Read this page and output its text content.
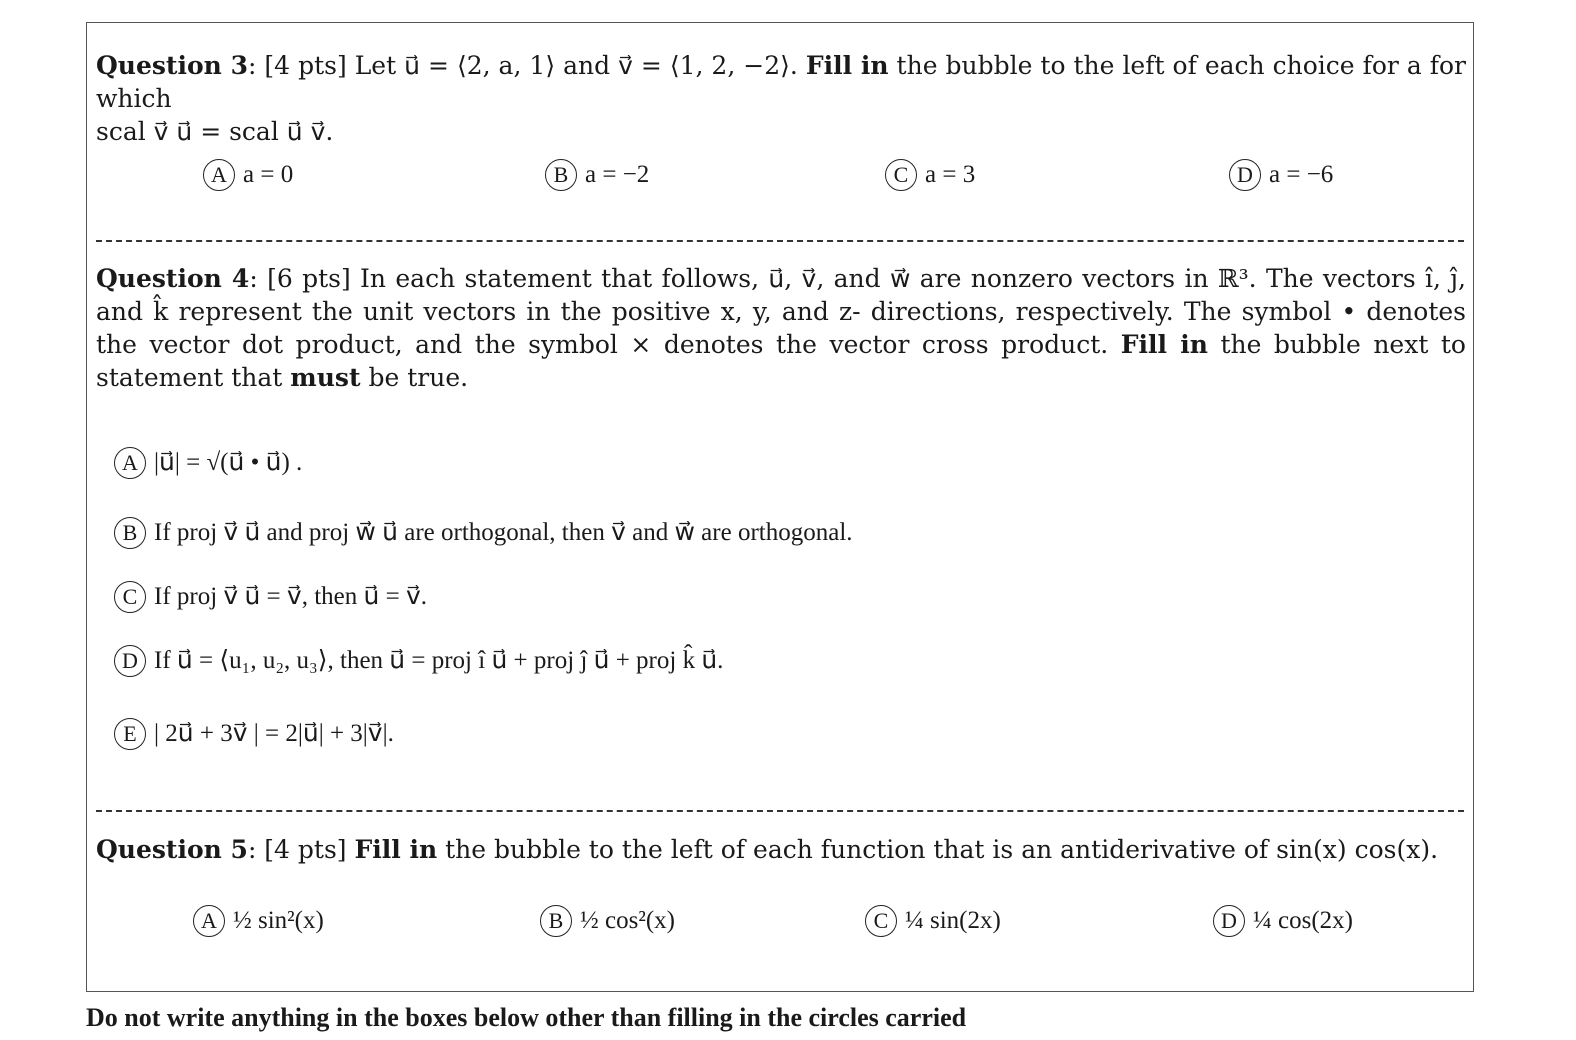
Question 3: [4 pts] Let u⃗ = ⟨2, a, 1⟩ and v⃗ = ⟨1, 2, −2⟩. Fill in the bubble to the left of each choice for a for which
scal v⃗ u⃗ = scal u⃗ v⃗.
A a = 0	B a = −2	C a = 3	D a = −6
Question 4: [6 pts] In each statement that follows, u⃗, v⃗, and w⃗ are nonzero vectors in ℝ³. The vectors î, ĵ, and k̂ represent the unit vectors in the positive x, y, and z- directions, respectively. The symbol • denotes the vector dot product, and the symbol × denotes the vector cross product. Fill in the bubble next to statement that must be true.
A |u⃗| = √(u⃗ • u⃗) .
B If proj v⃗ u⃗ and proj w⃗ u⃗ are orthogonal, then v⃗ and w⃗ are orthogonal.
C If proj v⃗ u⃗ = v⃗, then u⃗ = v⃗.
D If u⃗ = ⟨u₁, u₂, u₃⟩, then u⃗ = proj î u⃗ + proj ĵ u⃗ + proj k̂ u⃗.
E | 2u⃗ + 3v⃗ | = 2|u⃗| + 3|v⃗|.
Question 5: [4 pts] Fill in the bubble to the left of each function that is an antiderivative of sin(x) cos(x).
A ½ sin²(x)	B ½ cos²(x)	C ¼ sin(2x)	D ¼ cos(2x)
Do not write anything in the boxes below other than filling in the circles carried
